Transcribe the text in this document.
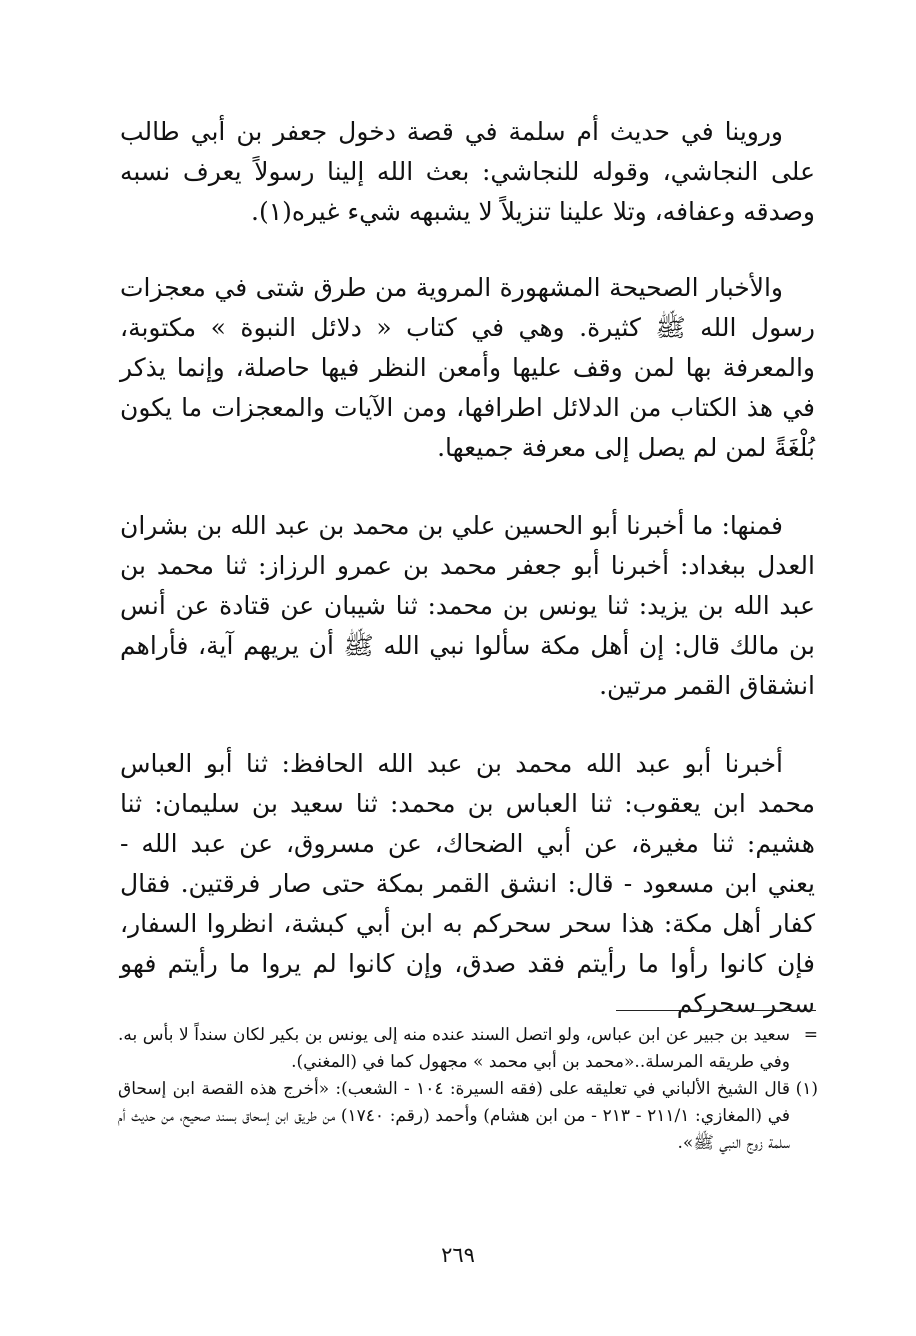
وروينا في حديث أم سلمة في قصة دخول جعفر بن أبي طالب على النجاشي، وقوله للنجاشي: بعث الله إلينا رسولاً يعرف نسبه وصدقه وعفافه، وتلا علينا تنزيلاً لا يشبهه شيء غيره(١).

والأخبار الصحيحة المشهورة المروية من طرق شتى في معجزات رسول الله ﷺ كثيرة. وهي في كتاب « دلائل النبوة » مكتوبة، والمعرفة بها لمن وقف عليها وأمعن النظر فيها حاصلة، وإنما يذكر في هذ الكتاب من الدلائل اطرافها، ومن الآيات والمعجزات ما يكون بُلْغَةً لمن لم يصل إلى معرفة جميعها.

فمنها: ما أخبرنا أبو الحسين علي بن محمد بن عبد الله بن بشران العدل ببغداد: أخبرنا أبو جعفر محمد بن عمرو الرزاز: ثنا محمد بن عبد الله بن يزيد: ثنا يونس بن محمد: ثنا شيبان عن قتادة عن أنس بن مالك قال: إن أهل مكة سألوا نبي الله ﷺ أن يريهم آية، فأراهم انشقاق القمر مرتين.

أخبرنا أبو عبد الله محمد بن عبد الله الحافظ: ثنا أبو العباس محمد ابن يعقوب: ثنا العباس بن محمد: ثنا سعيد بن سليمان: ثنا هشيم: ثنا مغيرة، عن أبي الضحاك، عن مسروق، عن عبد الله - يعني ابن مسعود - قال: انشق القمر بمكة حتى صار فرقتين. فقال كفار أهل مكة: هذا سحر سحركم به ابن أبي كبشة، انظروا السفار، فإن كانوا رأوا ما رأيتم فقد صدق، وإن كانوا لم يروا ما رأيتم فهو سحر سحركم

=
سعيد بن جبير عن ابن عباس، ولو اتصل السند عنده منه إلى يونس بن بكير لكان سنداً لا بأس به. وفي طريقه المرسلة..«محمد بن أبي محمد » مجهول كما في (المغني).
(١)
قال الشيخ الألباني في تعليقه على (فقه السيرة: ١٠٤ - الشعب): «أخرج هذه القصة ابن إسحاق في (المغازي: ٢١١/١ - ٢١٣ - من ابن هشام) وأحمد (رقم: ١٧٤٠) من طريق ابن إسحاق بسند صحيح، من حديث أم سلمة زوج النبي ﷺ».
٢٦٩
